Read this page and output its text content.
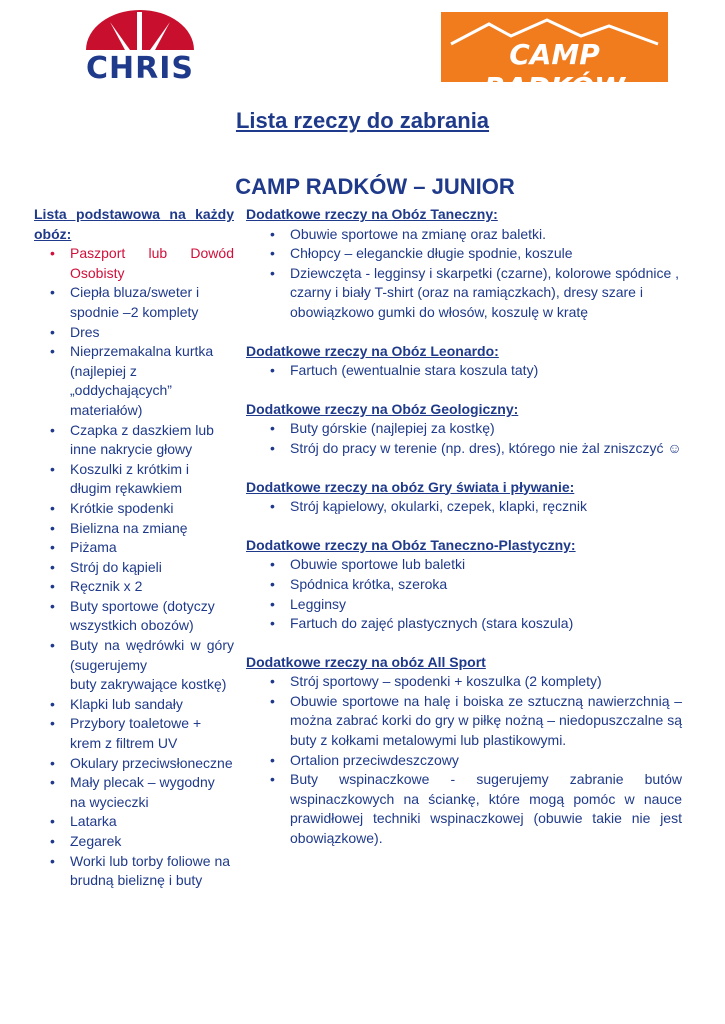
CHRIS	CAMP RADKÓW
Lista rzeczy do zabrania
CAMP RADKÓW – JUNIOR
Lista podstawowa na każdy obóz:
• Paszport lub Dowód Osobisty
• Ciepła bluza/sweter i spodnie –2 komplety
• Dres
• Nieprzemakalna kurtka (najlepiej z „oddychających” materiałów)
• Czapka z daszkiem lub inne nakrycie głowy
• Koszulki z krótkim i długim rękawkiem
• Krótkie spodenki
• Bielizna na zmianę
• Piżama
• Strój do kąpieli
• Ręcznik x 2
• Buty sportowe (dotyczy wszystkich obozów)
• Buty na wędrówki w góry (sugerujemy
buty zakrywające kostkę)
• Klapki lub sandały
• Przybory toaletowe + krem z filtrem UV
• Okulary przeciwsłoneczne
• Mały plecak – wygodny na wycieczki
• Latarka
• Zegarek
• Worki lub torby foliowe na brudną bieliznę i buty
Dodatkowe rzeczy na Obóz Taneczny:
• Obuwie sportowe na zmianę oraz baletki.
• Chłopcy – eleganckie długie spodnie, koszule
• Dziewczęta - legginsy i skarpetki (czarne), kolorowe spódnice , czarny i biały T-shirt (oraz na ramiączkach), dresy szare i obowiązkowo gumki do włosów, koszulę w kratę
Dodatkowe rzeczy na Obóz Leonardo:
• Fartuch (ewentualnie stara koszula taty)
Dodatkowe rzeczy na Obóz Geologiczny:
• Buty górskie (najlepiej za kostkę)
• Strój do pracy w terenie (np. dres), którego nie żal zniszczyć ☺
Dodatkowe rzeczy na obóz Gry świata i pływanie:
• Strój kąpielowy, okularki, czepek, klapki, ręcznik
Dodatkowe rzeczy na Obóz Taneczno-Plastyczny:
• Obuwie sportowe lub baletki
• Spódnica krótka, szeroka
• Legginsy
• Fartuch do zajęć plastycznych (stara koszula)
Dodatkowe rzeczy na obóz All Sport
• Strój sportowy – spodenki + koszulka (2 komplety)
• Obuwie sportowe na halę i boiska ze sztuczną nawierzchnią – można zabrać korki do gry w piłkę nożną – niedopuszczalne są buty z kołkami metalowymi lub plastikowymi.
• Ortalion przeciwdeszczowy
• Buty wspinaczkowe - sugerujemy zabranie butów wspinaczkowych na ściankę, które mogą pomóc w nauce prawidłowej techniki wspinaczkowej (obuwie takie nie jest obowiązkowe).
